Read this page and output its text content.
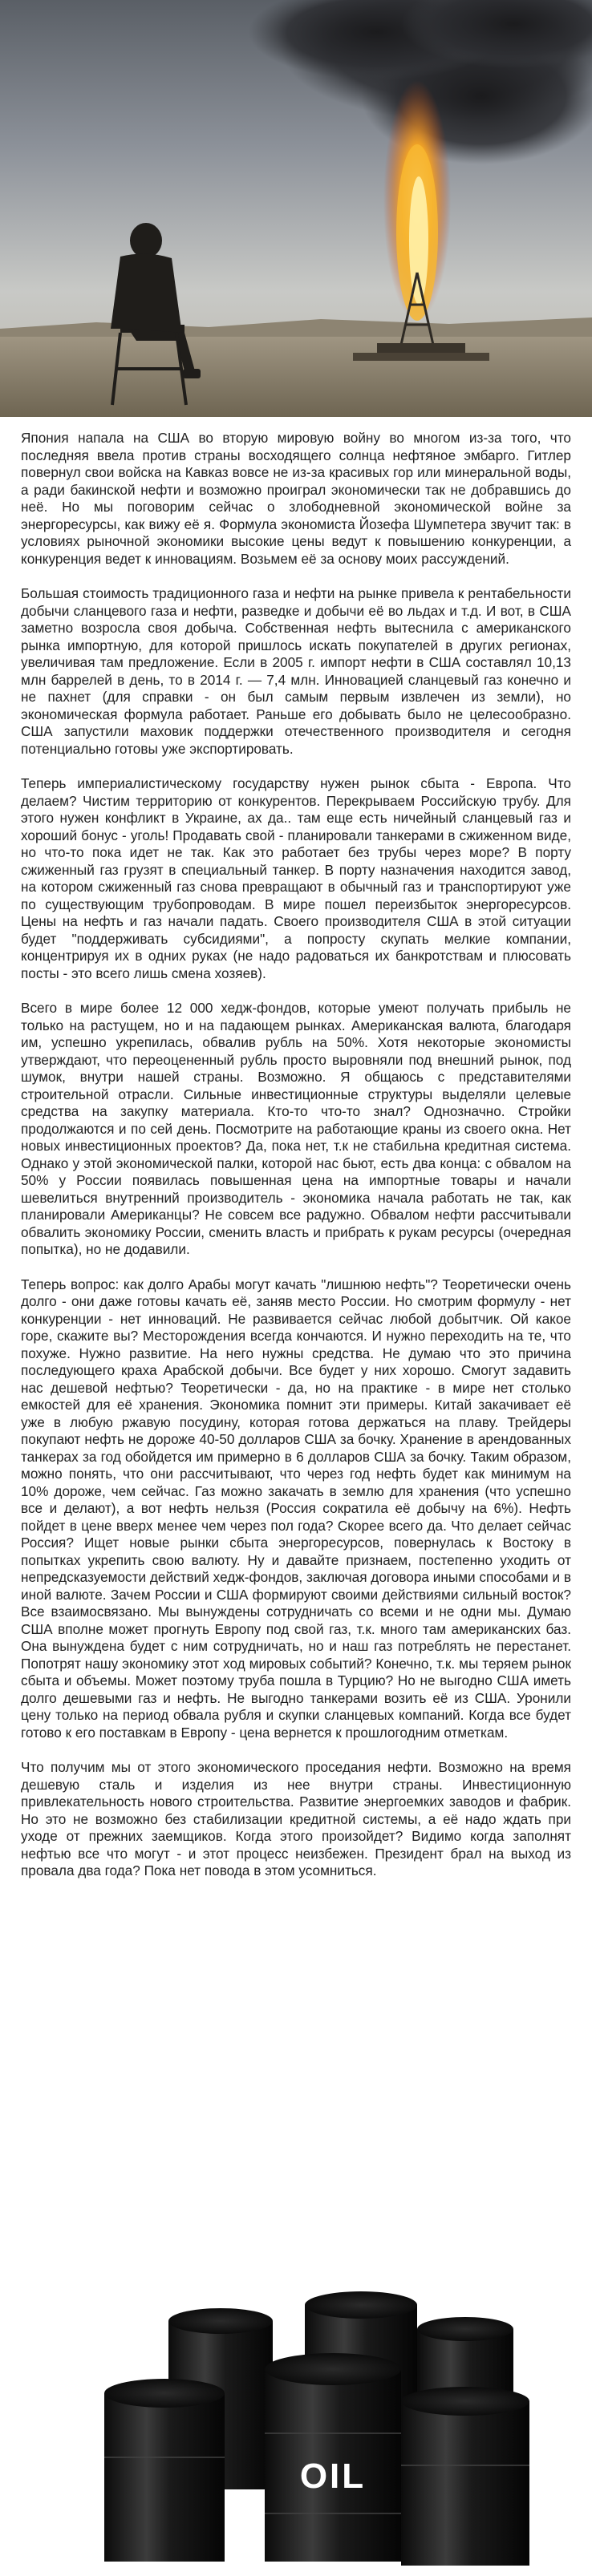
Япония напала на США во вторую мировую войну во многом из-за того, что последняя ввела против страны восходящего солнца нефтяное эмбарго. Гитлер повернул свои войска на Кавказ вовсе не из-за красивых гор или минеральной воды, а ради бакинской нефти и возможно проиграл экономически так не добравшись до неё. Но мы поговорим сейчас о злободневной экономической войне за энергоресурсы, как вижу её я. Формула экономиста Йозефа Шумпетера звучит так: в условиях рыночной экономики высокие цены ведут к повышению конкуренции, а конкуренция ведет к инновациям. Возьмем её за основу моих рассуждений.

Большая стоимость традиционного газа и нефти на рынке привела к рентабельности добычи сланцевого газа и нефти, разведке и добычи её во льдах и т.д. И вот, в США заметно возросла своя добыча. Собственная нефть вытеснила с американского рынка импортную, для которой пришлось искать покупателей в других регионах, увеличивая там предложение. Если в 2005 г. импорт нефти в США составлял 10,13 млн баррелей в день, то в 2014 г. — 7,4 млн. Инновацией сланцевый газ конечно и не пахнет (для справки - он был самым первым извлечен из земли), но экономическая формула работает. Раньше его добывать было не целесообразно. США запустили маховик поддержки отечественного производителя и сегодня потенциально готовы уже экспортировать.

Теперь империалистическому государству нужен рынок сбыта - Европа. Что делаем? Чистим территорию от конкурентов. Перекрываем Российскую трубу. Для этого нужен конфликт в Украине, ах да.. там еще есть ничейный сланцевый газ и хороший бонус - уголь! Продавать свой - планировали танкерами в сжиженном виде, но что-то пока идет не так. Как это работает без трубы через море? В порту сжиженный газ грузят в специальный танкер. В порту назначения находится завод, на котором сжиженный газ снова превращают в обычный газ и транспортируют уже по существующим трубопроводам. В мире пошел переизбыток энергоресурсов. Цены на нефть и газ начали падать. Своего производителя США в этой ситуации будет "поддерживать субсидиями", а попросту скупать мелкие компании, концентрируя их в одних руках (не надо радоваться их банкротствам и плюсовать посты - это всего лишь смена хозяев).

Всего в мире более 12 000 хедж-фондов, которые умеют получать прибыль не только на растущем, но и на падающем рынках. Американская валюта, благодаря им, успешно укрепилась, обвалив рубль на 50%. Хотя некоторые экономисты утверждают, что переоцененный рубль просто выровняли под внешний рынок, под шумок, внутри нашей страны. Возможно. Я общаюсь с представителями строительной отрасли. Сильные инвестиционные структуры выделяли целевые средства на закупку материала. Кто-то что-то знал? Однозначно. Стройки продолжаются и по сей день. Посмотрите на работающие краны из своего окна. Нет новых инвестиционных проектов? Да, пока нет, т.к не стабильна кредитная система. Однако у этой экономической палки, которой нас бьют, есть два конца: с обвалом на 50% у России появилась повышенная цена на импортные товары и начали шевелиться внутренний производитель - экономика начала работать не так, как планировали Американцы? Не совсем все радужно. Обвалом нефти рассчитывали обвалить экономику России, сменить власть и прибрать к рукам ресурсы (очередная попытка), но не додавили.

Теперь вопрос: как долго Арабы могут качать "лишнюю нефть"? Теоретически очень долго - они даже готовы качать её, заняв место России. Но смотрим формулу - нет конкуренции - нет инноваций. Не развивается сейчас любой добытчик. Ой какое горе, скажите вы? Месторождения всегда кончаются. И нужно переходить на те, что похуже. Нужно развитие. На него нужны средства. Не думаю что это причина последующего краха Арабской добычи. Все будет у них хорошо. Смогут задавить нас дешевой нефтью? Теоретически - да, но на практике - в мире нет столько емкостей для её хранения. Экономика помнит эти примеры. Китай закачивает её уже в любую ржавую посудину, которая готова держаться на плаву. Трейдеры покупают нефть не дороже 40-50 долларов США за бочку. Хранение в арендованных танкерах за год обойдется им примерно в 6 долларов США за бочку. Таким образом, можно понять, что они рассчитывают, что через год нефть будет как минимум на 10% дороже, чем сейчас. Газ можно закачать в землю для хранения (что успешно все и делают), а вот нефть нельзя (Россия сократила её добычу на 6%). Нефть пойдет в цене вверх менее чем через пол года? Скорее всего да. Что делает сейчас Россия? Ищет новые рынки сбыта энергоресурсов, повернулась к Востоку в попытках укрепить свою валюту. Ну и давайте признаем, постепенно уходить от непредсказуемости действий хедж-фондов, заключая договора иными способами и в иной валюте. Зачем России и США формируют своими действиями сильный восток? Все взаимосвязано. Мы вынуждены сотрудничать со всеми и не одни мы. Думаю США вполне может прогнуть Европу под свой газ, т.к. много там американских баз. Она вынуждена будет с ним сотрудничать, но и наш газ потреблять не перестанет. Попотрят нашу экономику этот ход мировых событий? Конечно, т.к. мы теряем рынок сбыта и объемы. Может поэтому труба пошла в Турцию? Но не выгодно США иметь долго дешевыми газ и нефть. Не выгодно танкерами возить её из США. Уронили цену только на период обвала рубля и скупки сланцевых компаний. Когда все будет готово к его поставкам в Европу - цена вернется к прошлогодним отметкам.

Что получим мы от этого экономического проседания нефти. Возможно на время дешевую сталь и изделия из нее внутри страны. Инвестиционную привлекательность нового строительства. Развитие энергоемких заводов и фабрик. Но это не возможно без стабилизации кредитной системы, а её надо ждать при уходе от прежних заемщиков. Когда этого произойдет? Видимо когда заполнят нефтью все что могут - и этот процесс неизбежен. Президент брал на выход из провала два года? Пока нет повода в этом усомниться.

OIL
